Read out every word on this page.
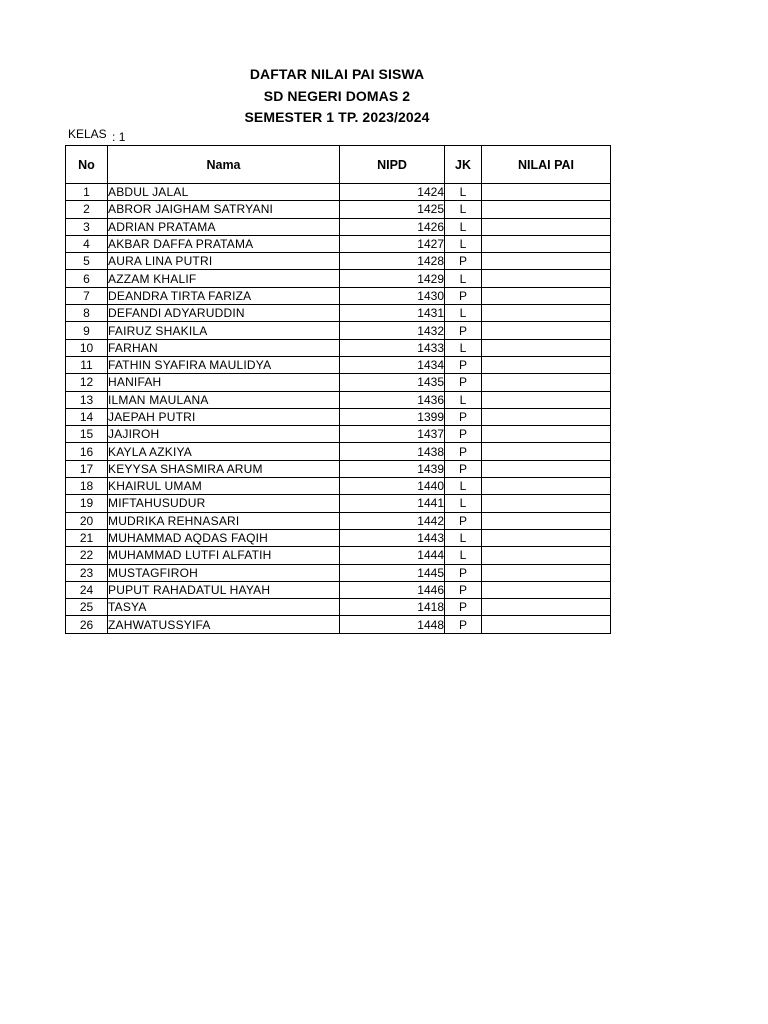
DAFTAR NILAI PAI SISWA
SD NEGERI DOMAS 2
SEMESTER 1 TP. 2023/2024
KELAS : 1
No	Nama	NIPD	JK	NILAI PAI
1	ABDUL JALAL	1424	L	
2	ABROR JAIGHAM SATRYANI	1425	L	
3	ADRIAN PRATAMA	1426	L	
4	AKBAR DAFFA PRATAMA	1427	L	
5	AURA LINA PUTRI	1428	P	
6	AZZAM KHALIF	1429	L	
7	DEANDRA TIRTA FARIZA	1430	P	
8	DEFANDI ADYARUDDIN	1431	L	
9	FAIRUZ SHAKILA	1432	P	
10	FARHAN	1433	L	
11	FATHIN SYAFIRA MAULIDYA	1434	P	
12	HANIFAH	1435	P	
13	ILMAN MAULANA	1436	L	
14	JAEPAH PUTRI	1399	P	
15	JAJIROH	1437	P	
16	KAYLA AZKIYA	1438	P	
17	KEYYSA SHASMIRA ARUM	1439	P	
18	KHAIRUL UMAM	1440	L	
19	MIFTAHUSUDUR	1441	L	
20	MUDRIKA REHNASARI	1442	P	
21	MUHAMMAD AQDAS FAQIH	1443	L	
22	MUHAMMAD LUTFI ALFATIH	1444	L	
23	MUSTAGFIROH	1445	P	
24	PUPUT RAHADATUL HAYAH	1446	P	
25	TASYA	1418	P	
26	ZAHWATUSSYIFA	1448	P	
